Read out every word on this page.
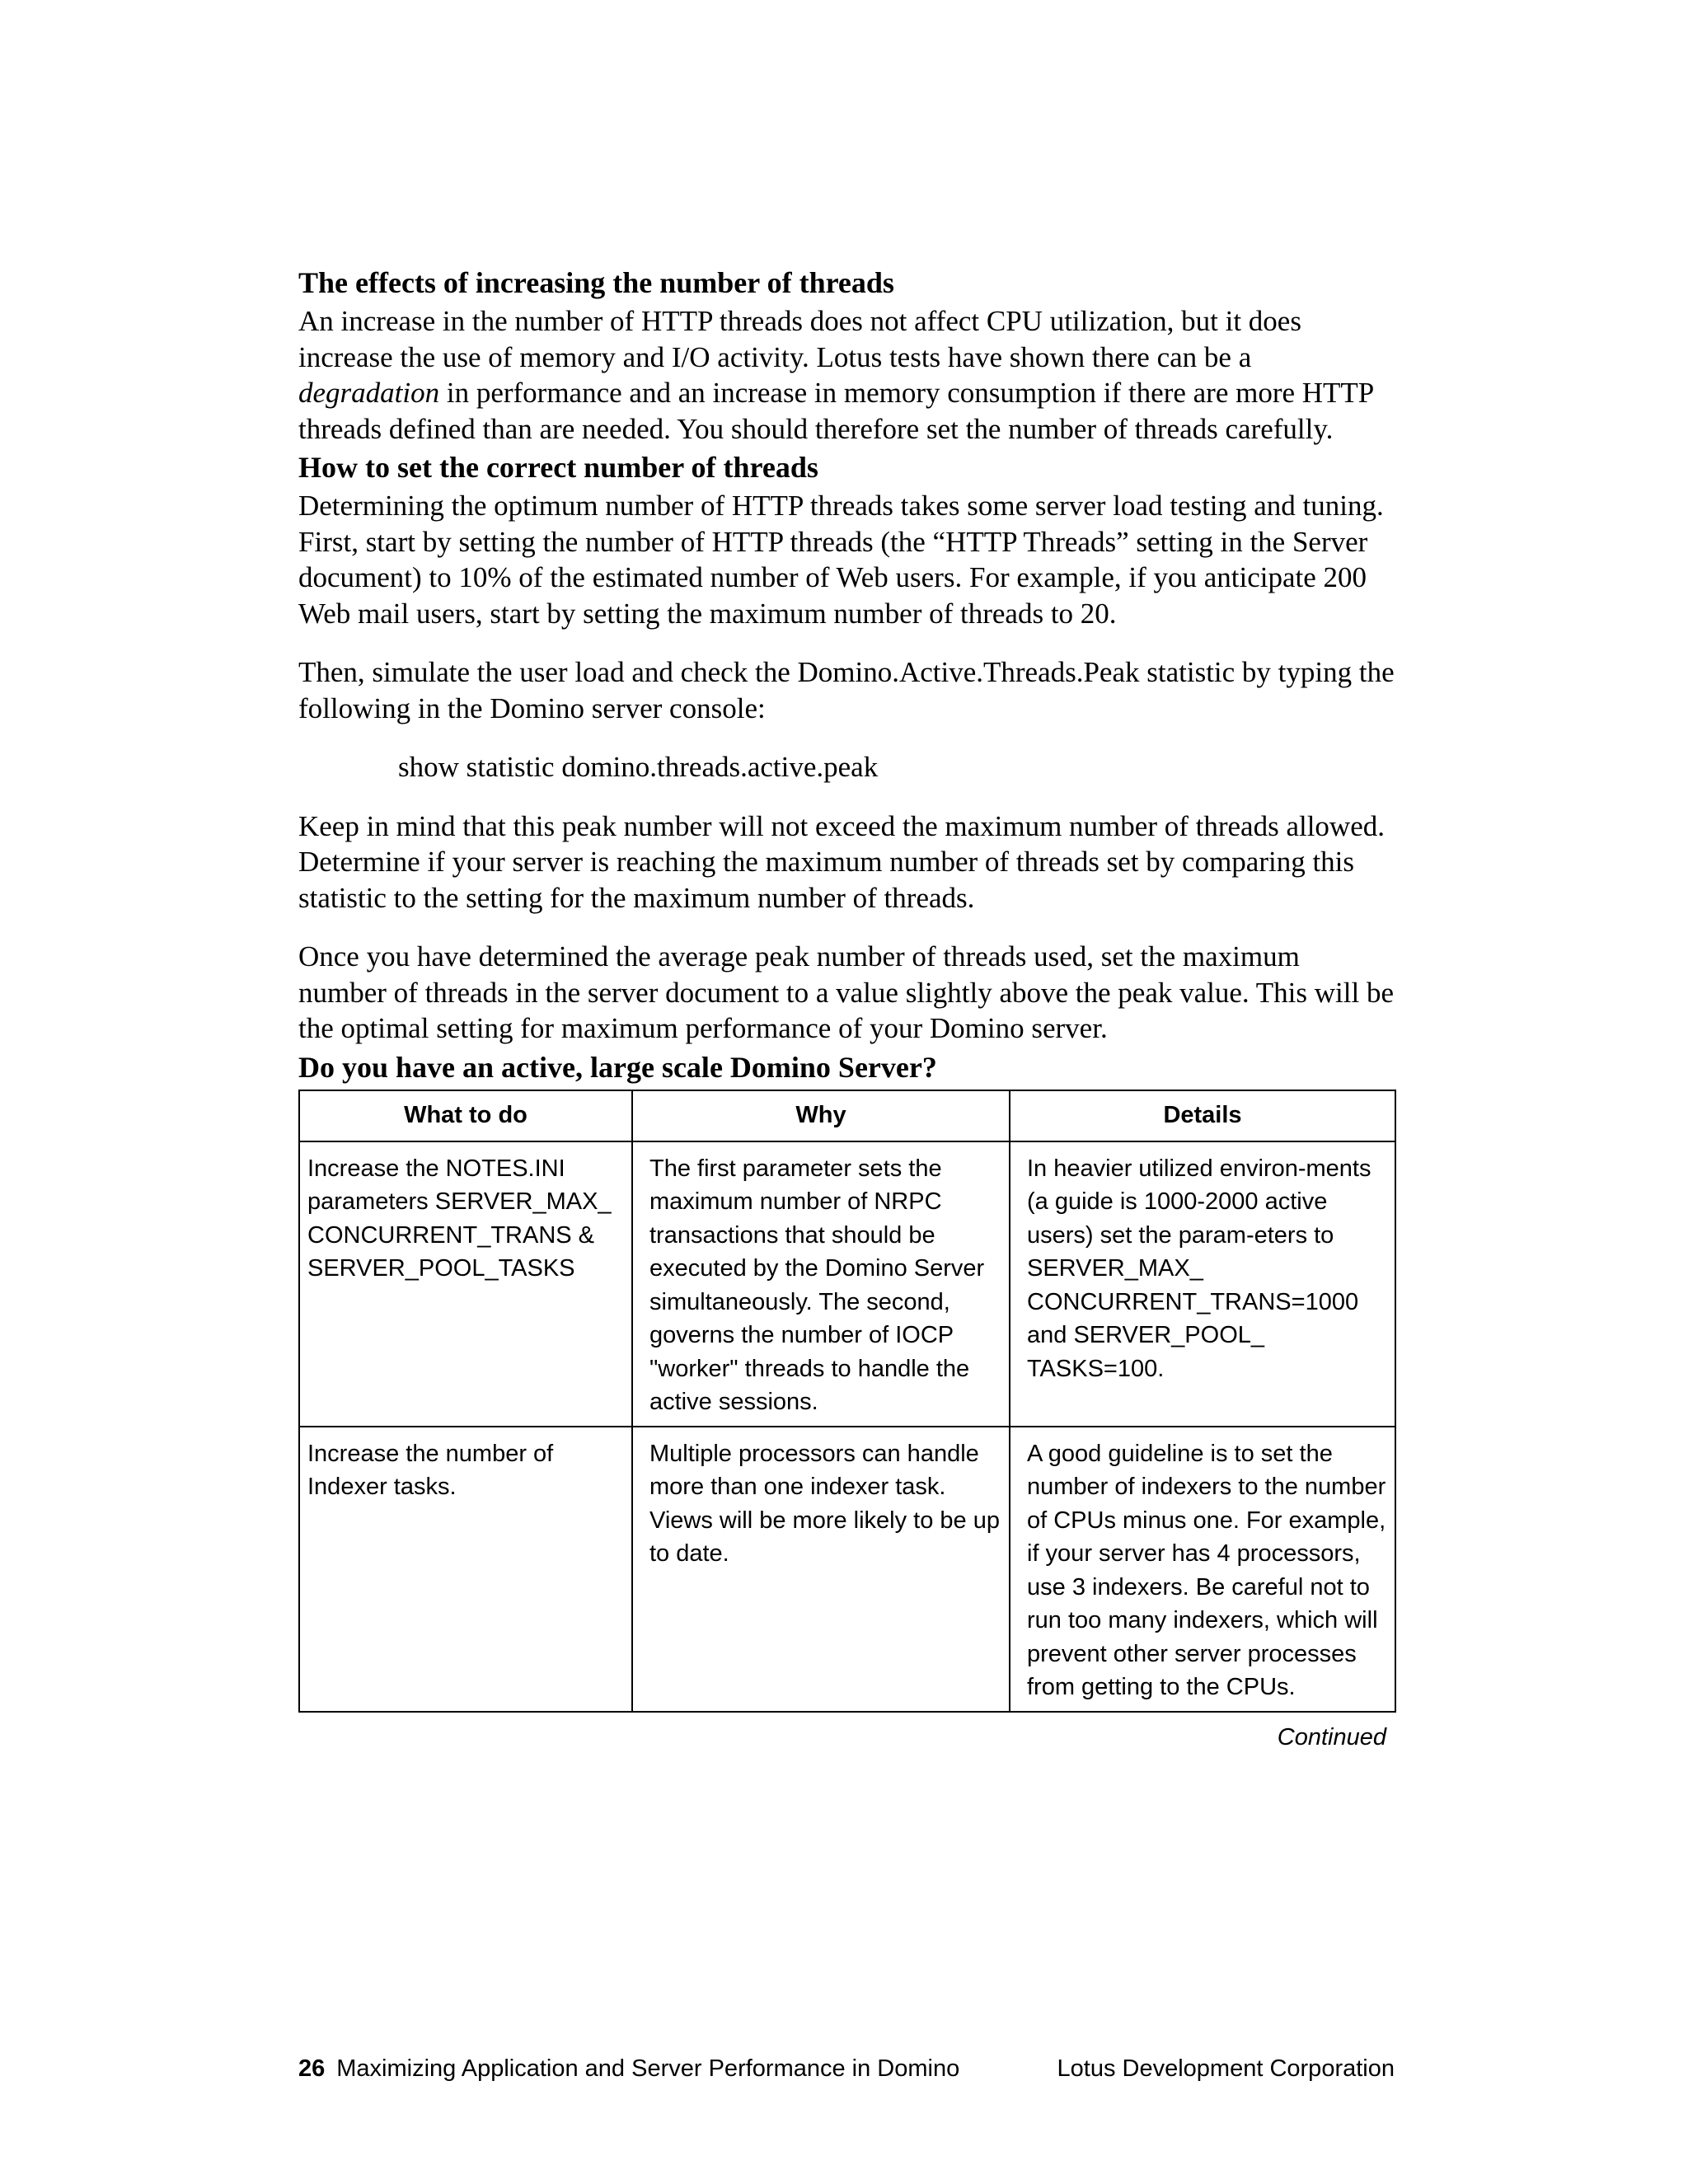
The effects of increasing the number of threads

An increase in the number of HTTP threads does not affect CPU utilization, but it does increase the use of memory and I/O activity. Lotus tests have shown there can be a degradation in performance and an increase in memory consumption if there are more HTTP threads defined than are needed. You should therefore set the number of threads carefully.

How to set the correct number of threads

Determining the optimum number of HTTP threads takes some server load testing and tuning. First, start by setting the number of HTTP threads (the “HTTP Threads” setting in the Server document) to 10% of the estimated number of Web users. For example, if you anticipate 200 Web mail users, start by setting the maximum number of threads to 20.

Then, simulate the user load and check the Domino.Active.Threads.Peak statistic by typing the following in the Domino server console:

show statistic domino.threads.active.peak

Keep in mind that this peak number will not exceed the maximum number of threads allowed. Determine if your server is reaching the maximum number of threads set by comparing this statistic to the setting for the maximum number of threads.

Once you have determined the average peak number of threads used, set the maximum number of threads in the server document to a value slightly above the peak value. This will be the optimal setting for maximum performance of your Domino server.

Do you have an active, large scale Domino Server?
What to do	Why	Details
Increase the NOTES.INI parameters SERVER_MAX_ CONCURRENT_TRANS & SERVER_POOL_TASKS	The first parameter sets the maximum number of NRPC transactions that should be executed by the Domino Server simultaneously. The second, governs the number of IOCP "worker" threads to handle the active sessions.	In heavier utilized environ-ments (a guide is 1000-2000 active users) set the param-eters to SERVER_MAX_ CONCURRENT_TRANS=1000 and SERVER_POOL_ TASKS=100.
Increase the number of Indexer tasks.	Multiple processors can handle more than one indexer task. Views will be more likely to be up to date.	A good guideline is to set the number of indexers to the number of CPUs minus one. For example, if your server has 4 processors, use 3 indexers. Be careful not to run too many indexers, which will prevent other server processes from getting to the CPUs.
Continued
26 Maximizing Application and Server Performance in Domino	Lotus Development Corporation
